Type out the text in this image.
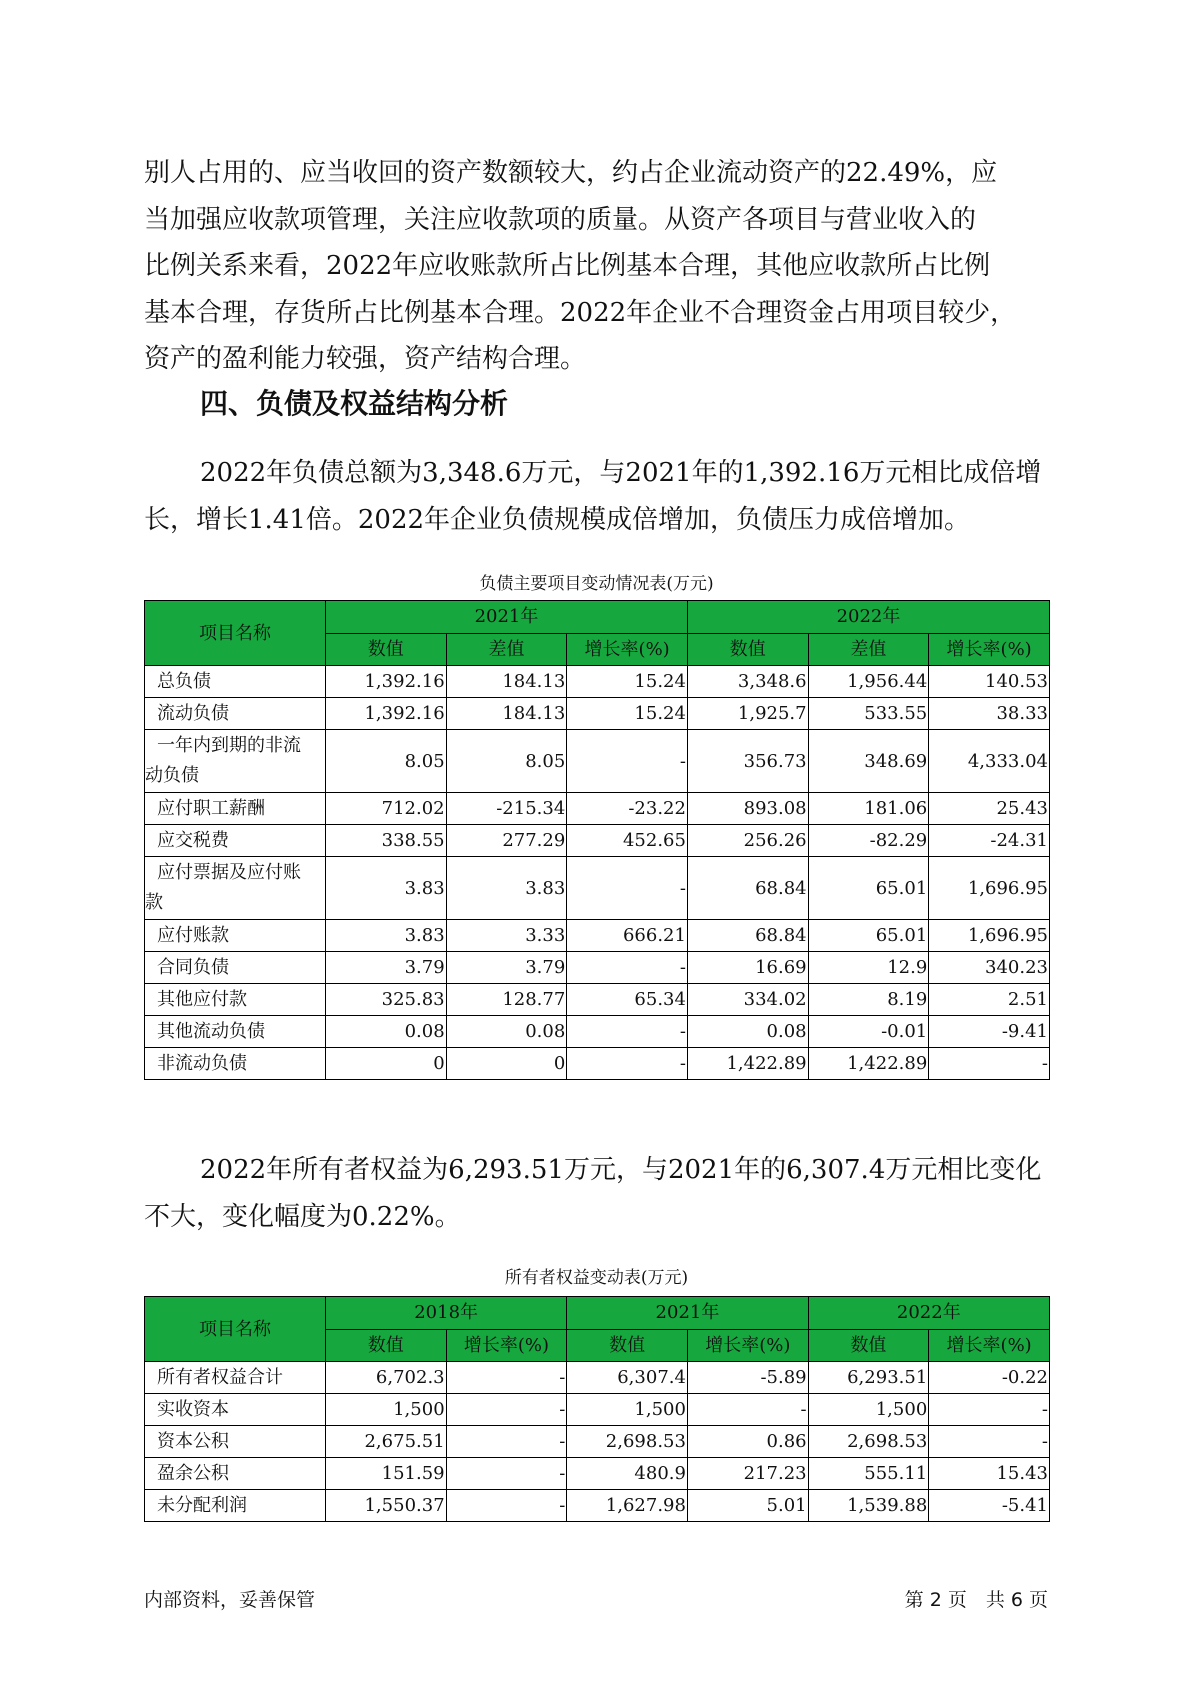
别人占用的、应当收回的资产数额较大，约占企业流动资产的22.49%，应
当加强应收款项管理，关注应收款项的质量。从资产各项目与营业收入的
比例关系来看，2022年应收账款所占比例基本合理，其他应收款所占比例
基本合理，存货所占比例基本合理。2022年企业不合理资金占用项目较少，
资产的盈利能力较强，资产结构合理。
四、负债及权益结构分析
2022年负债总额为3,348.6万元，与2021年的1,392.16万元相比成倍增
长，增长1.41倍。2022年企业负债规模成倍增加，负债压力成倍增加。

负债主要项目变动情况表(万元)

项目名称	2021年			2022年		
	数值	差值	增长率(%)	数值	差值	增长率(%)
总负债	1,392.16	184.13	15.24	3,348.6	1,956.44	140.53
流动负债	1,392.16	184.13	15.24	1,925.7	533.55	38.33

一年内到期的非流
动负债	8.05	8.05	-	356.73	348.69	4,333.04
应付职工薪酬	712.02	-215.34	-23.22	893.08	181.06	25.43
应交税费	338.55	277.29	452.65	256.26	-82.29	-24.31

应付票据及应付账
款	3.83	3.83	-	68.84	65.01	1,696.95
应付账款	3.83	3.33	666.21	68.84	65.01	1,696.95
合同负债	3.79	3.79	-	16.69	12.9	340.23
其他应付款	325.83	128.77	65.34	334.02	8.19	2.51
其他流动负债	0.08	0.08	-	0.08	-0.01	-9.41
非流动负债	0	0	-	1,422.89	1,422.89	-
2022年所有者权益为6,293.51万元，与2021年的6,307.4万元相比变化
不大，变化幅度为0.22%。

所有者权益变动表(万元)

项目名称	2018年		2021年		2022年	
	数值	增长率(%)	数值	增长率(%)	数值	增长率(%)
所有者权益合计	6,702.3	-	6,307.4	-5.89	6,293.51	-0.22
实收资本	1,500	-	1,500	-	1,500	-
资本公积	2,675.51	-	2,698.53	0.86	2,698.53	-
盈余公积	151.59	-	480.9	217.23	555.11	15.43
未分配利润	1,550.37	-	1,627.98	5.01	1,539.88	-5.41

内部资料，妥善保管	第 2 页　共 6 页
